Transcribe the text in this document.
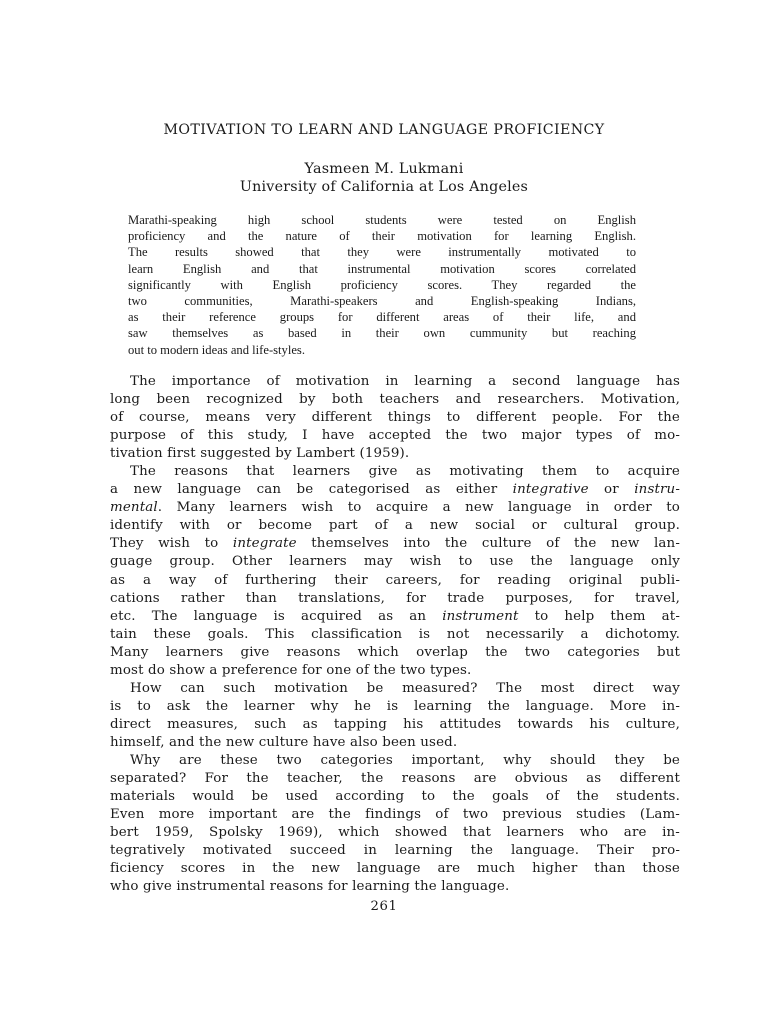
MOTIVATION TO LEARN AND LANGUAGE PROFICIENCY
Yasmeen M. Lukmani
University of California at Los Angeles
Marathi-speaking high school students were tested on English
proficiency and the nature of their motivation for learning English.
The results showed that they were instrumentally motivated to
learn English and that instrumental motivation scores correlated
significantly with English proficiency scores. They regarded the
two communities, Marathi-speakers and English-speaking Indians,
as their reference groups for different areas of their life, and
saw themselves as based in their own cummunity but reaching
out to modern ideas and life-styles.
The importance of motivation in learning a second language has
long been recognized by both teachers and researchers. Motivation,
of course, means very different things to different people. For the
purpose of this study, I have accepted the two major types of mo-
tivation first suggested by Lambert (1959).
The reasons that learners give as motivating them to acquire
a new language can be categorised as either integrative or instru-
mental. Many learners wish to acquire a new language in order to
identify with or become part of a new social or cultural group.
They wish to integrate themselves into the culture of the new lan-
guage group. Other learners may wish to use the language only
as a way of furthering their careers, for reading original publi-
cations rather than translations, for trade purposes, for travel,
etc. The language is acquired as an instrument to help them at-
tain these goals. This classification is not necessarily a dichotomy.
Many learners give reasons which overlap the two categories but
most do show a preference for one of the two types.
How can such motivation be measured? The most direct way
is to ask the learner why he is learning the language. More in-
direct measures, such as tapping his attitudes towards his culture,
himself, and the new culture have also been used.
Why are these two categories important, why should they be
separated? For the teacher, the reasons are obvious as different
materials would be used according to the goals of the students.
Even more important are the findings of two previous studies (Lam-
bert 1959, Spolsky 1969), which showed that learners who are in-
tegratively motivated succeed in learning the language. Their pro-
ficiency scores in the new language are much higher than those
who give instrumental reasons for learning the language.
261
